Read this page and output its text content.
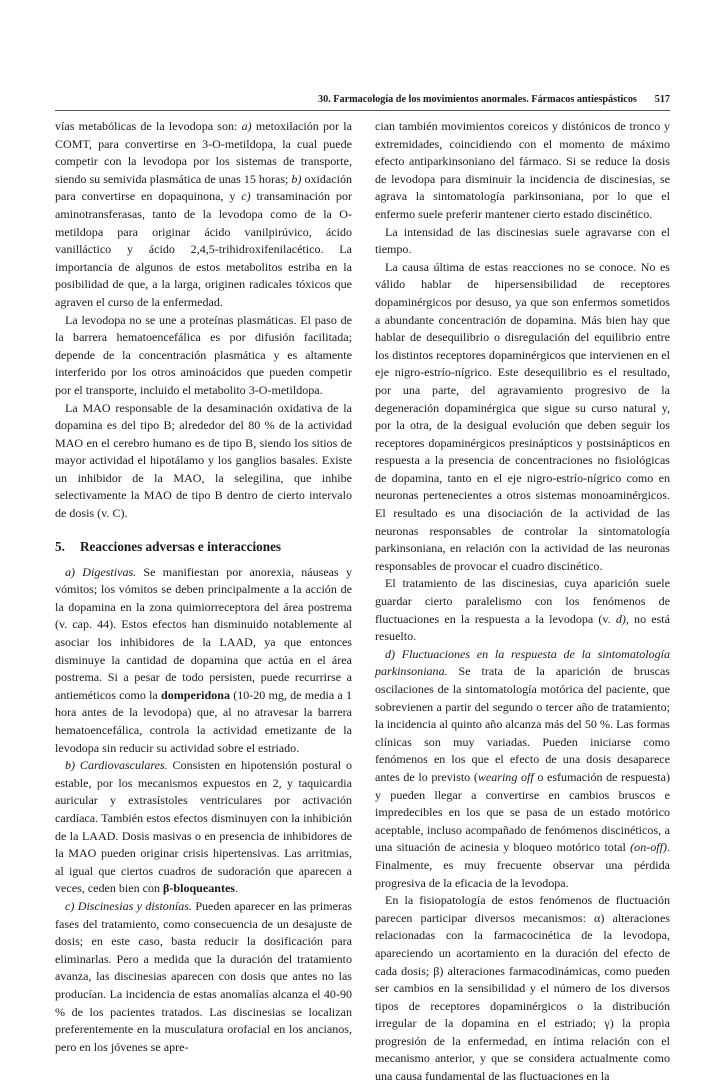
30. Farmacología de los movimientos anormales. Fármacos antiespásticos 517

vías metabólicas de la levodopa son: a) metoxilación por la COMT, para convertirse en 3-O-metildopa, la cual puede competir con la levodopa por los sistemas de transporte, siendo su semivida plasmática de unas 15 horas; b) oxidación para convertirse en dopaquinona, y c) transaminación por aminotransferasas, tanto de la levodopa como de la O-metildopa para originar ácido vanilpirúvico, ácido vanilláctico y ácido 2,4,5-trihidroxifenilacético. La importancia de algunos de estos metabolitos estriba en la posibilidad de que, a la larga, originen radicales tóxicos que agraven el curso de la enfermedad.

La levodopa no se une a proteínas plasmáticas. El paso de la barrera hematoencefálica es por difusión facilitada; depende de la concentración plasmática y es altamente interferido por los otros aminoácidos que pueden competir por el transporte, incluido el metabolito 3-O-metildopa.

La MAO responsable de la desaminación oxidativa de la dopamina es del tipo B; alrededor del 80 % de la actividad MAO en el cerebro humano es de tipo B, siendo los sitios de mayor actividad el hipotálamo y los ganglios basales. Existe un inhibidor de la MAO, la selegilina, que inhibe selectivamente la MAO de tipo B dentro de cierto intervalo de dosis (v. C).

5. Reacciones adversas e interacciones

a) Digestivas. Se manifiestan por anorexia, náuseas y vómitos; los vómitos se deben principalmente a la acción de la dopamina en la zona quimiorreceptora del área postrema (v. cap. 44). Estos efectos han disminuido notablemente al asociar los inhibidores de la LAAD, ya que entonces disminuye la cantidad de dopamina que actúa en el área postrema. Si a pesar de todo persisten, puede recurrirse a antieméticos como la domperidona (10-20 mg, de media a 1 hora antes de la levodopa) que, al no atravesar la barrera hematoencefálica, controla la actividad emetizante de la levodopa sin reducir su actividad sobre el estriado.

b) Cardiovasculares. Consisten en hipotensión postural o estable, por los mecanismos expuestos en 2, y taquicardia auricular y extrasístoles ventriculares por activación cardíaca. También estos efectos disminuyen con la inhibición de la LAAD. Dosis masivas o en presencia de inhibidores de la MAO pueden originar crisis hipertensivas. Las arritmias, al igual que ciertos cuadros de sudoración que aparecen a veces, ceden bien con β-bloqueantes.

c) Discinesias y distonías. Pueden aparecer en las primeras fases del tratamiento, como consecuencia de un desajuste de dosis; en este caso, basta reducir la dosificación para eliminarlas. Pero a medida que la duración del tratamiento avanza, las discinesias aparecen con dosis que antes no las producían. La incidencia de estas anomalías alcanza el 40-90 % de los pacientes tratados. Las discinesias se localizan preferentemente en la musculatura orofacial en los ancianos, pero en los jóvenes se apre-

cian también movimientos coreicos y distónicos de tronco y extremidades, coincidiendo con el momento de máximo efecto antiparkinsoniano del fármaco. Si se reduce la dosis de levodopa para disminuir la incidencia de discinesias, se agrava la sintomatología parkinsoniana, por lo que el enfermo suele preferir mantener cierto estado discinético.

La intensidad de las discinesias suele agravarse con el tiempo.

La causa última de estas reacciones no se conoce. No es válido hablar de hipersensibilidad de receptores dopaminérgicos por desuso, ya que son enfermos sometidos a abundante concentración de dopamina. Más bien hay que hablar de desequilibrio o disregulación del equilibrio entre los distintos receptores dopaminérgicos que intervienen en el eje nigro-estrío-nígrico. Este desequilibrio es el resultado, por una parte, del agravamiento progresivo de la degeneración dopaminérgica que sigue su curso natural y, por la otra, de la desigual evolución que deben seguir los receptores dopaminérgicos presinápticos y postsinápticos en respuesta a la presencia de concentraciones no fisiológicas de dopamina, tanto en el eje nigro-estrío-nígrico como en neuronas pertenecientes a otros sistemas monoaminérgicos. El resultado es una disociación de la actividad de las neuronas responsables de controlar la sintomatología parkinsoniana, en relación con la actividad de las neuronas responsables de provocar el cuadro discinético.

El tratamiento de las discinesias, cuya aparición suele guardar cierto paralelismo con los fenómenos de fluctuaciones en la respuesta a la levodopa (v. d), no está resuelto.

d) Fluctuaciones en la respuesta de la sintomatología parkinsoniana. Se trata de la aparición de bruscas oscilaciones de la sintomatología motórica del paciente, que sobrevienen a partir del segundo o tercer año de tratamiento; la incidencia al quinto año alcanza más del 50 %. Las formas clínicas son muy variadas. Pueden iniciarse como fenómenos en los que el efecto de una dosis desaparece antes de lo previsto (wearing off o esfumación de respuesta) y pueden llegar a convertirse en cambios bruscos e impredecibles en los que se pasa de un estado motórico aceptable, incluso acompañado de fenómenos discinéticos, a una situación de acinesia y bloqueo motórico total (on-off). Finalmente, es muy frecuente observar una pérdida progresiva de la eficacia de la levodopa.

En la fisiopatología de estos fenómenos de fluctuación parecen participar diversos mecanismos: α) alteraciones relacionadas con la farmacocinética de la levodopa, apareciendo un acortamiento en la duración del efecto de cada dosis; β) alteraciones farmacodinámicas, como pueden ser cambios en la sensibilidad y el número de los diversos tipos de receptores dopaminérgicos o la distribución irregular de la dopamina en el estriado; γ) la propia progresión de la enfermedad, en íntima relación con el mecanismo anterior, y que se considera actualmente como una causa fundamental de las fluctuaciones en la
